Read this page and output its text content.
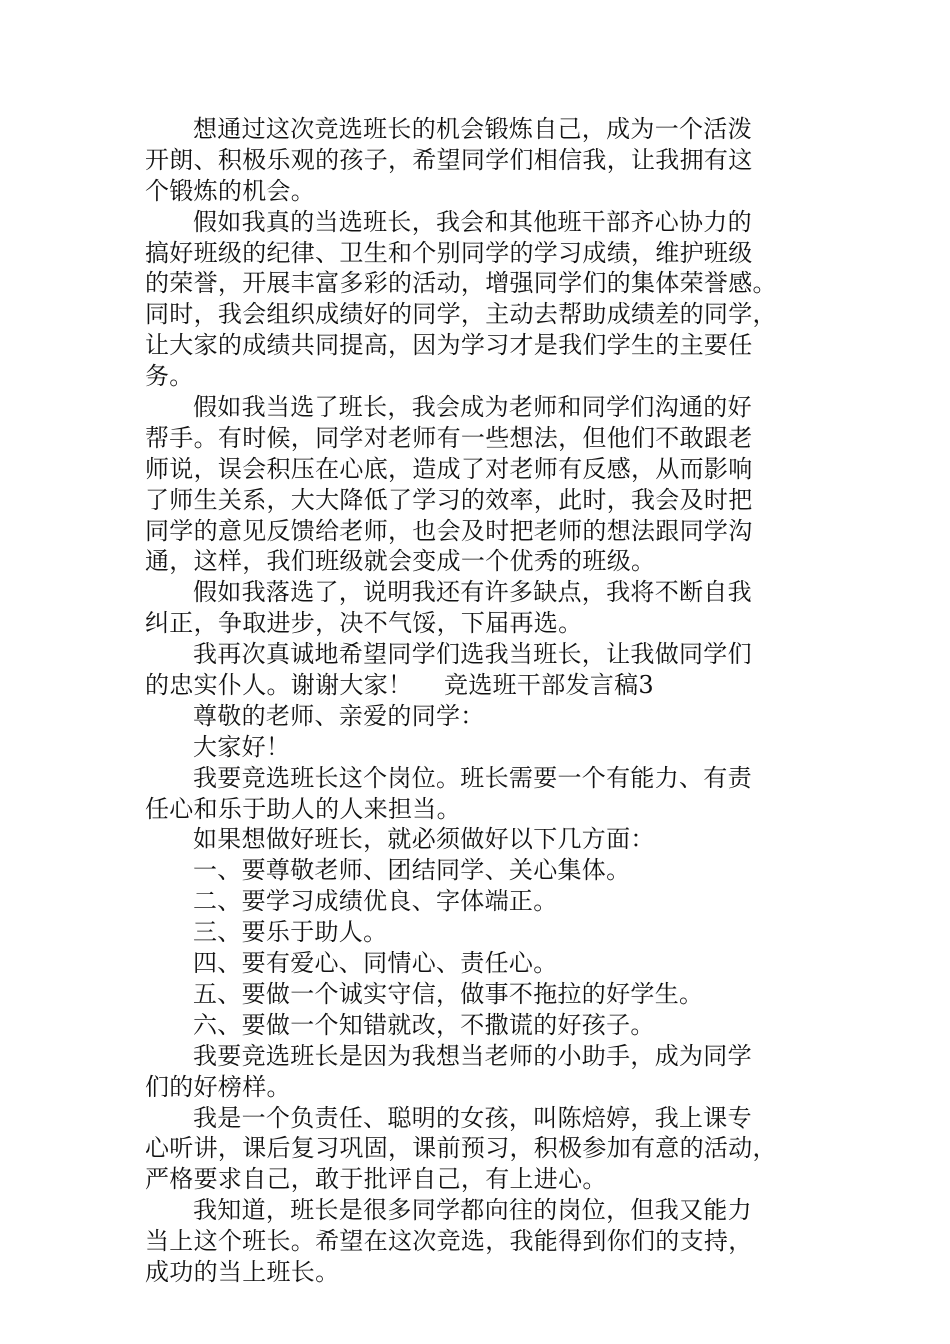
想通过这次竞选班长的机会锻炼自己，成为一个活泼
开朗、积极乐观的孩子，希望同学们相信我，让我拥有这
个锻炼的机会。
假如我真的当选班长，我会和其他班干部齐心协力的
搞好班级的纪律、卫生和个别同学的学习成绩，维护班级
的荣誉，开展丰富多彩的活动，增强同学们的集体荣誉感。
同时，我会组织成绩好的同学，主动去帮助成绩差的同学，
让大家的成绩共同提高，因为学习才是我们学生的主要任
务。
假如我当选了班长，我会成为老师和同学们沟通的好
帮手。有时候，同学对老师有一些想法，但他们不敢跟老
师说，误会积压在心底，造成了对老师有反感，从而影响
了师生关系，大大降低了学习的效率，此时，我会及时把
同学的意见反馈给老师，也会及时把老师的想法跟同学沟
通，这样，我们班级就会变成一个优秀的班级。
假如我落选了，说明我还有许多缺点，我将不断自我
纠正，争取进步，决不气馁，下届再选。
我再次真诚地希望同学们选我当班长，让我做同学们
的忠实仆人。谢谢大家！    竞选班干部发言稿3
尊敬的老师、亲爱的同学：
大家好！
我要竞选班长这个岗位。班长需要一个有能力、有责
任心和乐于助人的人来担当。
如果想做好班长，就必须做好以下几方面：
一、要尊敬老师、团结同学、关心集体。
二、要学习成绩优良、字体端正。
三、要乐于助人。
四、要有爱心、同情心、责任心。
五、要做一个诚实守信，做事不拖拉的好学生。
六、要做一个知错就改，不撒谎的好孩子。
我要竞选班长是因为我想当老师的小助手，成为同学
们的好榜样。
我是一个负责任、聪明的女孩，叫陈焙婷，我上课专
心听讲，课后复习巩固，课前预习，积极参加有意的活动，
严格要求自己，敢于批评自己，有上进心。
我知道，班长是很多同学都向往的岗位，但我又能力
当上这个班长。希望在这次竞选，我能得到你们的支持，
成功的当上班长。
